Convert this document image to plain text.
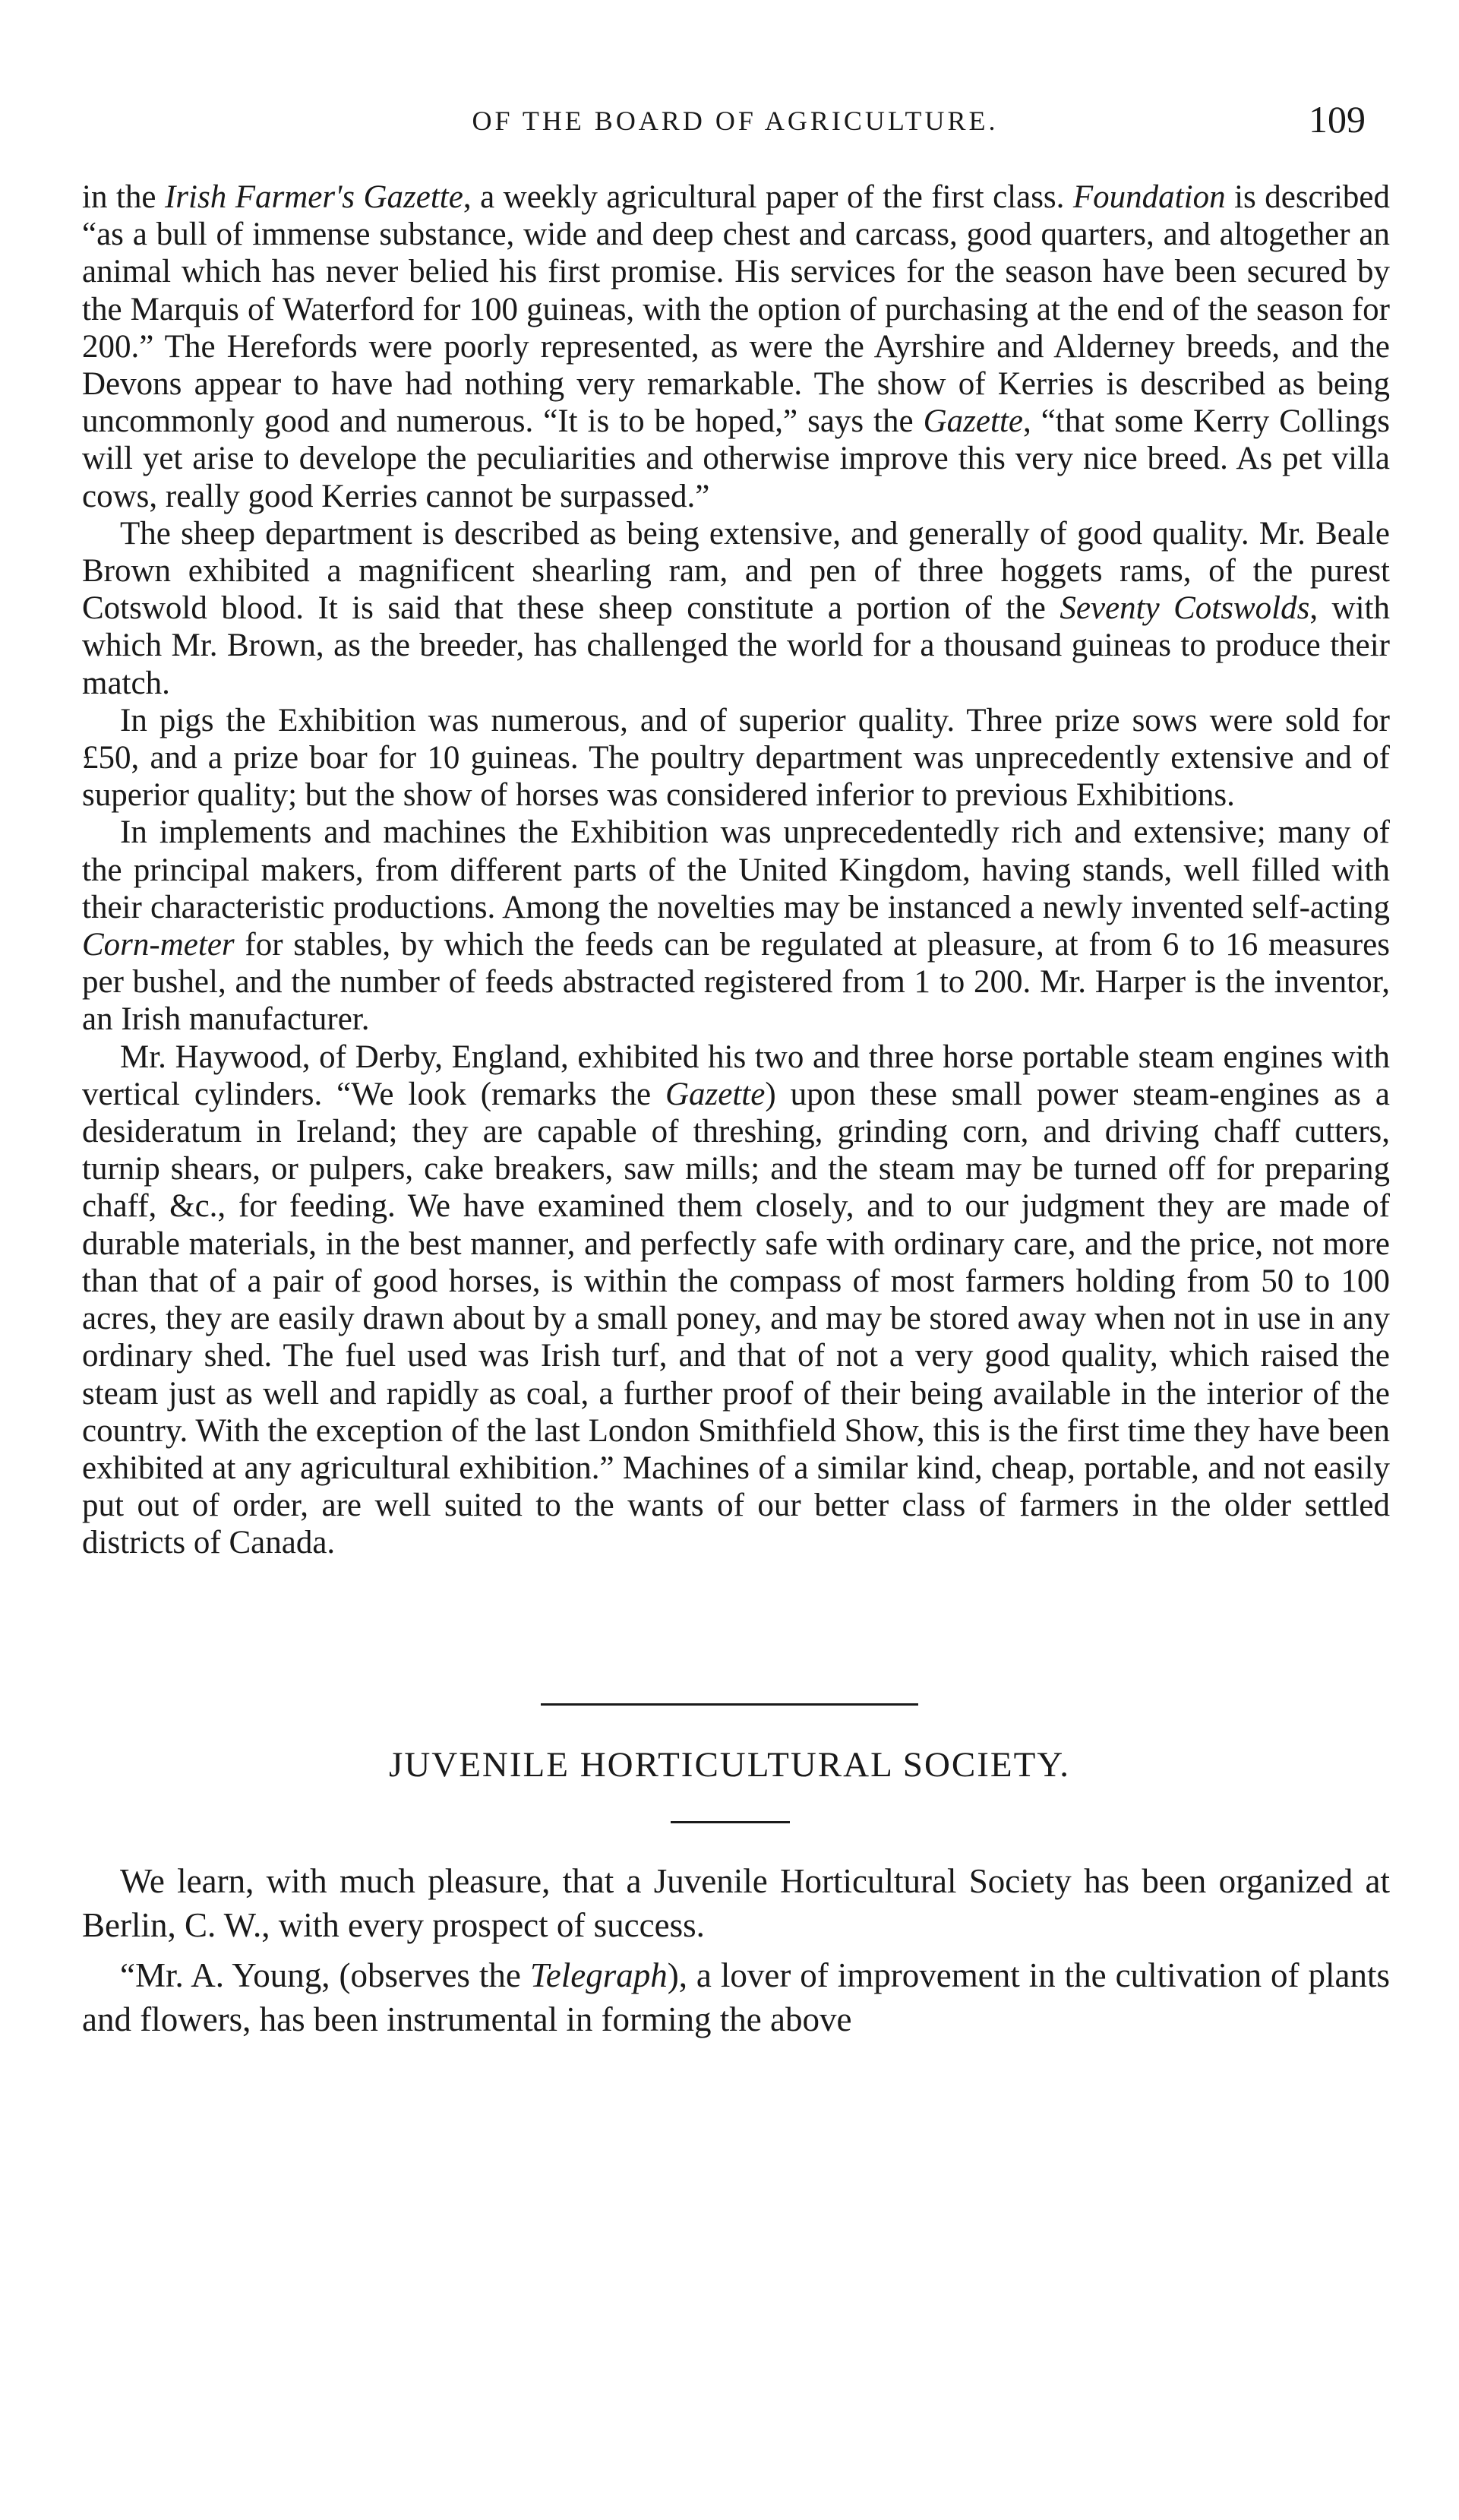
OF THE BOARD OF AGRICULTURE.	109

in the Irish Farmer's Gazette, a weekly agricultural paper of the first class. Foundation is described “as a bull of immense substance, wide and deep chest and carcass, good quarters, and altogether an animal which has never belied his first promise. His services for the season have been secured by the Marquis of Waterford for 100 guineas, with the option of purchasing at the end of the season for 200.” The Herefords were poorly represented, as were the Ayrshire and Alderney breeds, and the Devons appear to have had nothing very remarkable. The show of Kerries is described as being uncommonly good and numerous. “It is to be hoped,” says the Gazette, “that some Kerry Collings will yet arise to develope the peculiarities and otherwise improve this very nice breed. As pet villa cows, really good Kerries cannot be surpassed.”

The sheep department is described as being extensive, and generally of good quality. Mr. Beale Brown exhibited a magnificent shearling ram, and pen of three hoggets rams, of the purest Cotswold blood. It is said that these sheep constitute a portion of the Seventy Cotswolds, with which Mr. Brown, as the breeder, has challenged the world for a thousand guineas to produce their match.

In pigs the Exhibition was numerous, and of superior quality. Three prize sows were sold for £50, and a prize boar for 10 guineas. The poultry department was unprecedently extensive and of superior quality; but the show of horses was considered inferior to previous Exhibitions.

In implements and machines the Exhibition was unprecedentedly rich and extensive; many of the principal makers, from different parts of the United Kingdom, having stands, well filled with their characteristic productions. Among the novelties may be instanced a newly invented self-acting Corn-meter for stables, by which the feeds can be regulated at pleasure, at from 6 to 16 measures per bushel, and the number of feeds abstracted registered from 1 to 200. Mr. Harper is the inventor, an Irish manufacturer.

Mr. Haywood, of Derby, England, exhibited his two and three horse portable steam engines with vertical cylinders. “We look (remarks the Gazette) upon these small power steam-engines as a desideratum in Ireland; they are capable of threshing, grinding corn, and driving chaff cutters, turnip shears, or pulpers, cake breakers, saw mills; and the steam may be turned off for preparing chaff, &c., for feeding. We have examined them closely, and to our judgment they are made of durable materials, in the best manner, and perfectly safe with ordinary care, and the price, not more than that of a pair of good horses, is within the compass of most farmers holding from 50 to 100 acres, they are easily drawn about by a small poney, and may be stored away when not in use in any ordinary shed. The fuel used was Irish turf, and that of not a very good quality, which raised the steam just as well and rapidly as coal, a further proof of their being available in the interior of the country. With the exception of the last London Smithfield Show, this is the first time they have been exhibited at any agricultural exhibition.” Machines of a similar kind, cheap, portable, and not easily put out of order, are well suited to the wants of our better class of farmers in the older settled districts of Canada.

JUVENILE HORTICULTURAL SOCIETY.

We learn, with much pleasure, that a Juvenile Horticultural Society has been organized at Berlin, C. W., with every prospect of success.

“Mr. A. Young, (observes the Telegraph), a lover of improvement in the cultivation of plants and flowers, has been instrumental in forming the above
